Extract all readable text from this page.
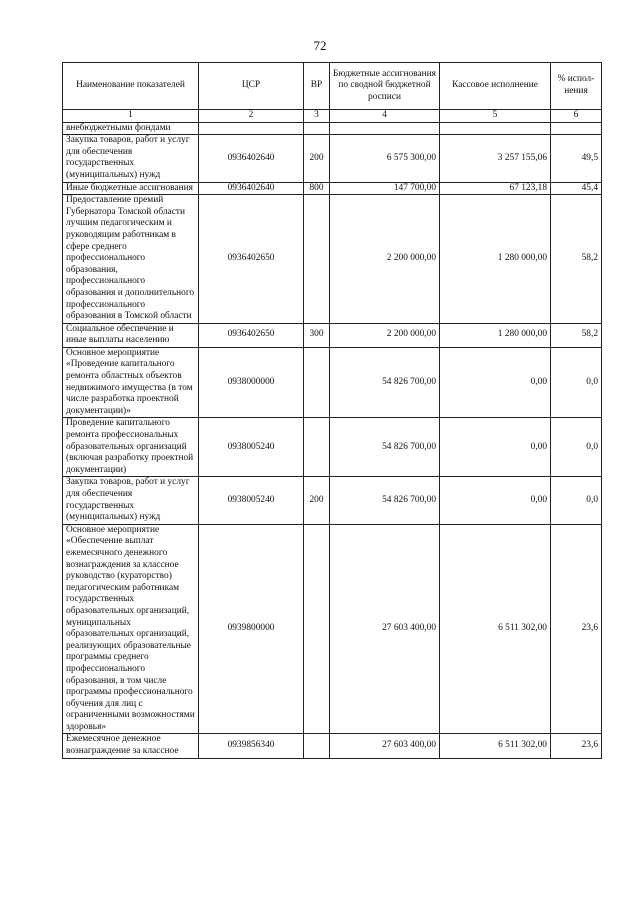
72
Наименование показателей	ЦСР	ВР	Бюджетные ассигнования по сводной бюджетной росписи	Кассовое исполнение	% испол-нения
1	2	3	4	5	6
внебюджетными фондами					
Закупка товаров, работ и услуг для обеспечения государственных (муниципальных) нужд	0936402640	200	6 575 300,00	3 257 155,06	49,5
Иные бюджетные ассигнования	0936402640	800	147 700,00	67 123,18	45,4
Предоставление премий Губернатора Томской области лучшим педагогическим и руководящим работникам в сфере среднего профессионального образования, профессионального образования и дополнительного профессионального образования в Томской области	0936402650		2 200 000,00	1 280 000,00	58,2
Социальное обеспечение и иные выплаты населению	0936402650	300	2 200 000,00	1 280 000,00	58,2
Основное мероприятие «Проведение капитального ремонта областных объектов недвижимого имущества (в том числе разработка проектной документации)»	0938000000		54 826 700,00	0,00	0,0
Проведение капитального ремонта профессиональных образовательных организаций (включая разработку проектной документации)	0938005240		54 826 700,00	0,00	0,0
Закупка товаров, работ и услуг для обеспечения государственных (муниципальных) нужд	0938005240	200	54 826 700,00	0,00	0,0
Основное мероприятие «Обеспечение выплат ежемесячного денежного вознаграждения за классное руководство (кураторство) педагогическим работникам государственных образовательных организаций, муниципальных образовательных организаций, реализующих образовательные программы среднего профессионального образования, в том числе программы профессионального обучения для лиц с ограниченными возможностями здоровья»	0939800000		27 603 400,00	6 511 302,00	23,6
Ежемесячное денежное вознаграждение за классное	0939856340		27 603 400,00	6 511 302,00	23,6
